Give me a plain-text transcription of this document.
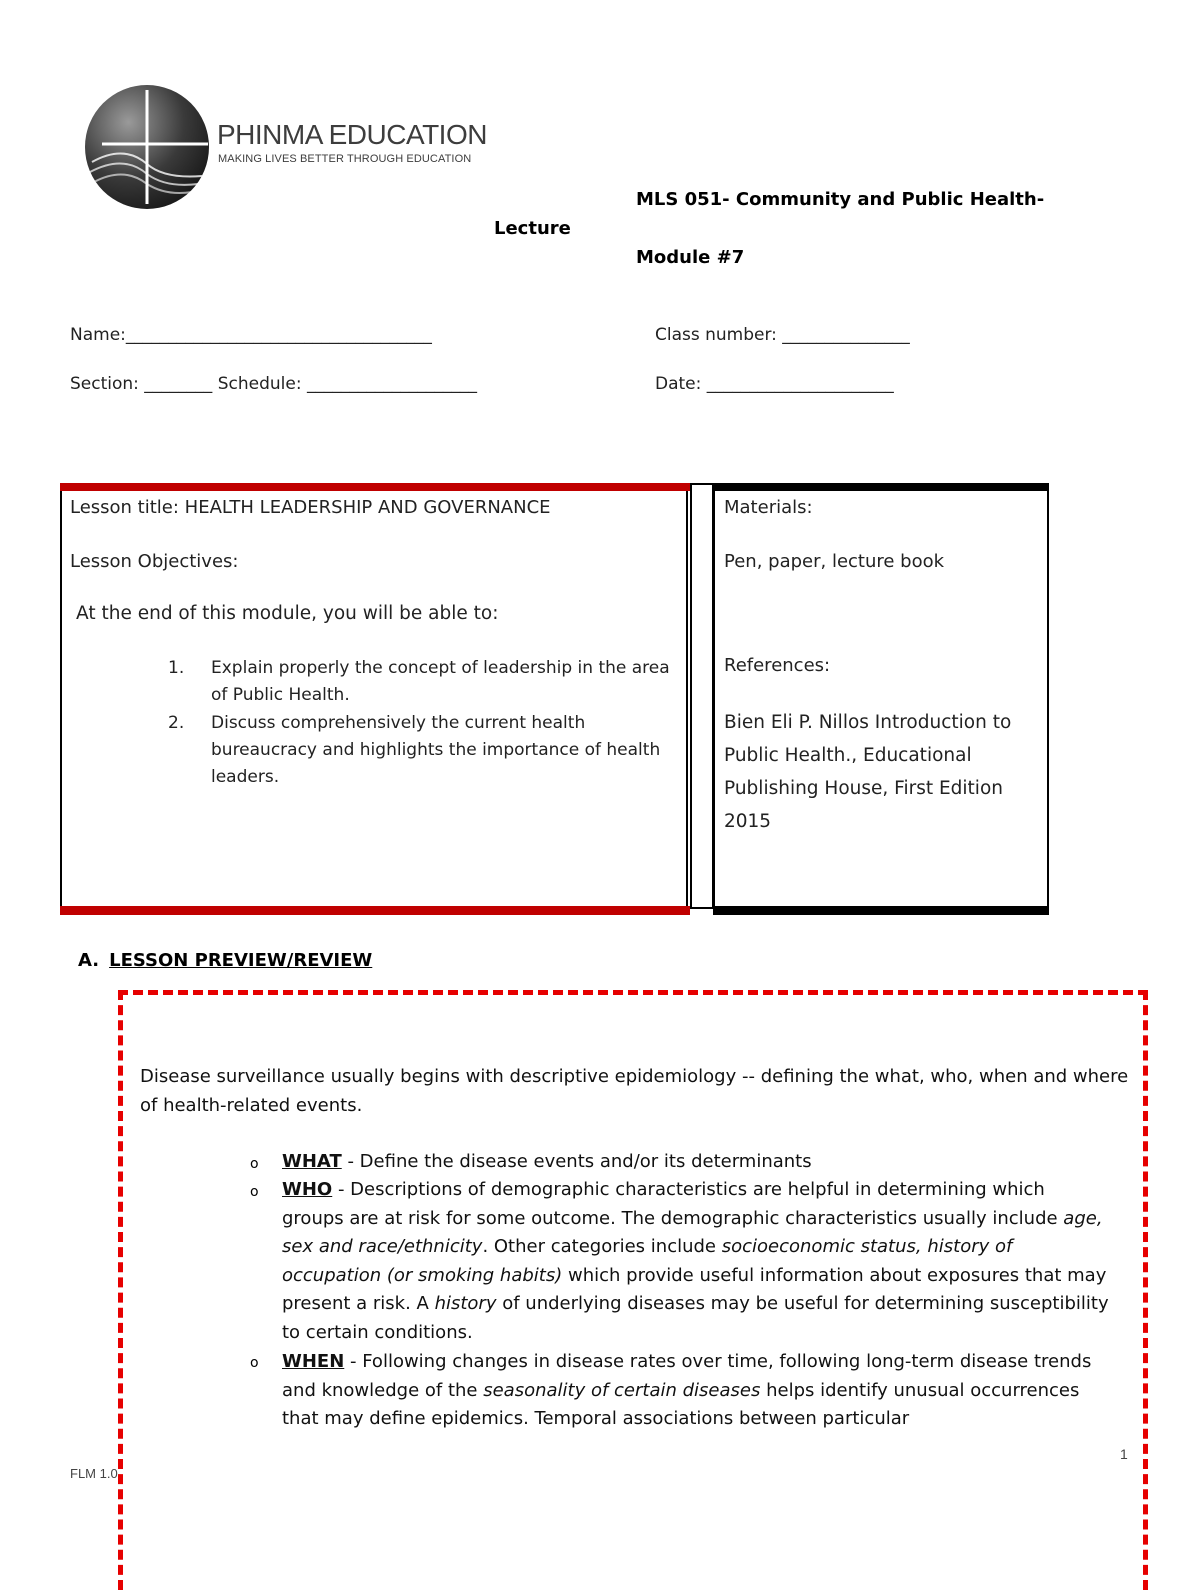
PHINMA EDUCATION
MAKING LIVES BETTER THROUGH EDUCATION
MLS 051- Community and Public Health-
Lecture
Module #7
Name:____________________________________	Class number: _______________
Section: ________ Schedule: ____________________	Date: ______________________
Lesson title: HEALTH LEADERSHIP AND GOVERNANCE
Lesson Objectives:
At the end of this module, you will be able to:
1. Explain properly the concept of leadership in the area of Public Health.
2. Discuss comprehensively the current health bureaucracy and highlights the importance of health leaders.
Materials:
Pen, paper, lecture book
References:
Bien Eli P. Nillos Introduction to Public Health., Educational Publishing House, First Edition 2015
A. LESSON PREVIEW/REVIEW
Disease surveillance usually begins with descriptive epidemiology -- defining the what, who, when and where of health-related events.
o WHAT - Define the disease events and/or its determinants
o WHO - Descriptions of demographic characteristics are helpful in determining which groups are at risk for some outcome. The demographic characteristics usually include age, sex and race/ethnicity. Other categories include socioeconomic status, history of occupation (or smoking habits) which provide useful information about exposures that may present a risk. A history of underlying diseases may be useful for determining susceptibility to certain conditions.
o WHEN - Following changes in disease rates over time, following long-term disease trends and knowledge of the seasonality of certain diseases helps identify unusual occurrences that may define epidemics. Temporal associations between particular
FLM 1.0
1
